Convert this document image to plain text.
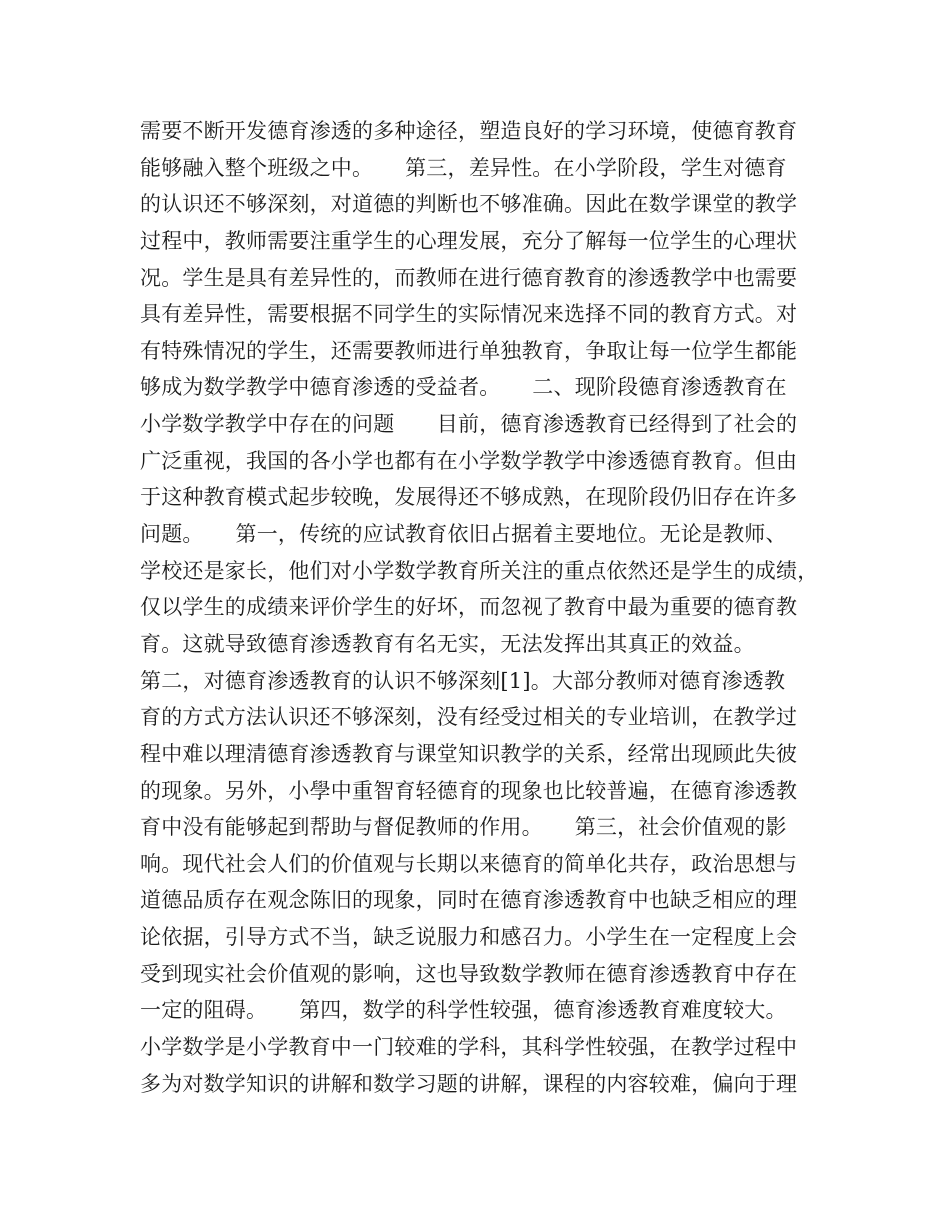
需要不断开发德育渗透的多种途径，塑造良好的学习环境，使德育教育
能够融入整个班级之中。　　第三，差异性。在小学阶段，学生对德育
的认识还不够深刻，对道德的判断也不够准确。因此在数学课堂的教学
过程中，教师需要注重学生的心理发展，充分了解每一位学生的心理状
况。学生是具有差异性的，而教师在进行德育教育的渗透教学中也需要
具有差异性，需要根据不同学生的实际情况来选择不同的教育方式。对
有特殊情况的学生，还需要教师进行单独教育，争取让每一位学生都能
够成为数学教学中德育渗透的受益者。　　二、现阶段德育渗透教育在
小学数学教学中存在的问题　　目前，德育渗透教育已经得到了社会的
广泛重视，我国的各小学也都有在小学数学教学中渗透德育教育。但由
于这种教育模式起步较晚，发展得还不够成熟，在现阶段仍旧存在许多
问题。　　第一，传统的应试教育依旧占据着主要地位。无论是教师、
学校还是家长，他们对小学数学教育所关注的重点依然还是学生的成绩，
仅以学生的成绩来评价学生的好坏，而忽视了教育中最为重要的德育教
育。这就导致德育渗透教育有名无实，无法发挥出其真正的效益。　　
第二，对德育渗透教育的认识不够深刻[1]。大部分教师对德育渗透教
育的方式方法认识还不够深刻，没有经受过相关的专业培训，在教学过
程中难以理清德育渗透教育与课堂知识教学的关系，经常出现顾此失彼
的现象。另外，小學中重智育轻德育的现象也比较普遍，在德育渗透教
育中没有能够起到帮助与督促教师的作用。　　第三，社会价值观的影
响。现代社会人们的价值观与长期以来德育的简单化共存，政治思想与
道德品质存在观念陈旧的现象，同时在德育渗透教育中也缺乏相应的理
论依据，引导方式不当，缺乏说服力和感召力。小学生在一定程度上会
受到现实社会价值观的影响，这也导致数学教师在德育渗透教育中存在
一定的阻碍。　　第四，数学的科学性较强，德育渗透教育难度较大。
小学数学是小学教育中一门较难的学科，其科学性较强，在教学过程中
多为对数学知识的讲解和数学习题的讲解，课程的内容较难，偏向于理
